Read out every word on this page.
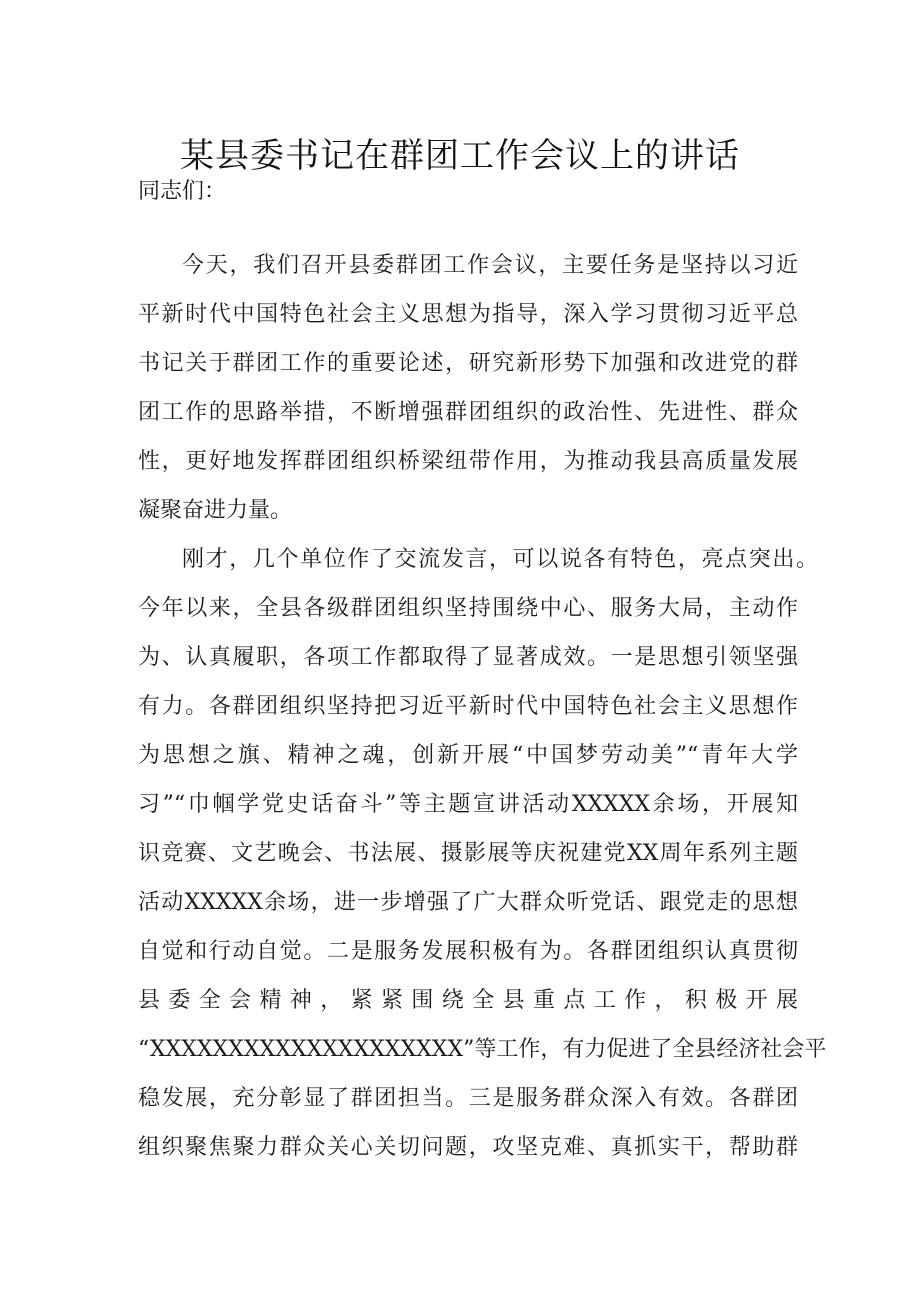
某县委书记在群团工作会议上的讲话
同志们：
今天，我们召开县委群团工作会议，主要任务是坚持以习近
平新时代中国特色社会主义思想为指导，深入学习贯彻习近平总
书记关于群团工作的重要论述，研究新形势下加强和改进党的群
团工作的思路举措，不断增强群团组织的政治性、先进性、群众
性，更好地发挥群团组织桥梁纽带作用，为推动我县高质量发展
凝聚奋进力量。
刚才，几个单位作了交流发言，可以说各有特色，亮点突出。
今年以来，全县各级群团组织坚持围绕中心、服务大局，主动作
为、认真履职，各项工作都取得了显著成效。一是思想引领坚强
有力。各群团组织坚持把习近平新时代中国特色社会主义思想作
为思想之旗、精神之魂，创新开展“中国梦劳动美”“青年大学
习”“巾帼学党史话奋斗”等主题宣讲活动XXXXX余场，开展知
识竞赛、文艺晚会、书法展、摄影展等庆祝建党XX周年系列主题
活动XXXXX余场，进一步增强了广大群众听党话、跟党走的思想
自觉和行动自觉。二是服务发展积极有为。各群团组织认真贯彻
县委全会精神，紧紧围绕全县重点工作，积极开展
“XXXXXXXXXXXXXXXXXXXX”等工作，有力促进了全县经济社会平
稳发展，充分彰显了群团担当。三是服务群众深入有效。各群团
组织聚焦聚力群众关心关切问题，攻坚克难、真抓实干，帮助群
